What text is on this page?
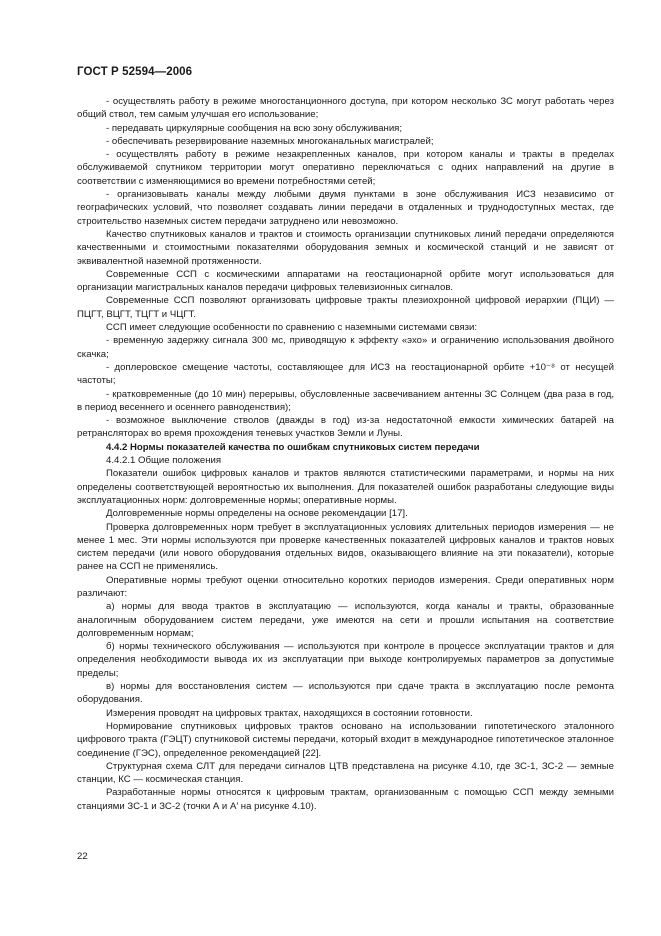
ГОСТ Р 52594—2006

- осуществлять работу в режиме многостанционного доступа, при котором несколько ЗС могут работать через общий ствол, тем самым улучшая его использование;

- передавать циркулярные сообщения на всю зону обслуживания;

- обеспечивать резервирование наземных многоканальных магистралей;

- осуществлять работу в режиме незакрепленных каналов, при котором каналы и тракты в пределах обслуживаемой спутником территории могут оперативно переключаться с одних направлений на другие в соответствии с изменяющимися во времени потребностями сетей;

- организовывать каналы между любыми двумя пунктами в зоне обслуживания ИСЗ независимо от географических условий, что позволяет создавать линии передачи в отдаленных и труднодоступных местах, где строительство наземных систем передачи затруднено или невозможно.

Качество спутниковых каналов и трактов и стоимость организации спутниковых линий передачи определяются качественными и стоимостными показателями оборудования земных и космической станций и не зависят от эквивалентной наземной протяженности.

Современные ССП с космическими аппаратами на геостационарной орбите могут использоваться для организации магистральных каналов передачи цифровых телевизионных сигналов.

Современные ССП позволяют организовать цифровые тракты плезиохронной цифровой иерархии (ПЦИ) — ПЦГТ, ВЦГТ, ТЦГТ и ЧЦГТ.

ССП имеет следующие особенности по сравнению с наземными системами связи:

- временную задержку сигнала 300 мс, приводящую к эффекту «эхо» и ограничению использования двойного скачка;

- доплеровское смещение частоты, составляющее для ИСЗ на геостационарной орбите +10⁻⁸ от несущей частоты;

- кратковременные (до 10 мин) перерывы, обусловленные засвечиванием антенны ЗС Солнцем (два раза в год, в период весеннего и осеннего равноденствия);

- возможное выключение стволов (дважды в год) из-за недостаточной емкости химических батарей на ретрансляторах во время прохождения теневых участков Земли и Луны.

4.4.2 Нормы показателей качества по ошибкам спутниковых систем передачи

4.4.2.1 Общие положения

Показатели ошибок цифровых каналов и трактов являются статистическими параметрами, и нормы на них определены соответствующей вероятностью их выполнения. Для показателей ошибок разработаны следующие виды эксплуатационных норм: долговременные нормы; оперативные нормы.

Долговременные нормы определены на основе рекомендации [17].

Проверка долговременных норм требует в эксплуатационных условиях длительных периодов измерения — не менее 1 мес. Эти нормы используются при проверке качественных показателей цифровых каналов и трактов новых систем передачи (или нового оборудования отдельных видов, оказывающего влияние на эти показатели), которые ранее на ССП не применялись.

Оперативные нормы требуют оценки относительно коротких периодов измерения. Среди оперативных норм различают:

а) нормы для ввода трактов в эксплуатацию — используются, когда каналы и тракты, образованные аналогичным оборудованием систем передачи, уже имеются на сети и прошли испытания на соответствие долговременным нормам;

б) нормы технического обслуживания — используются при контроле в процессе эксплуатации трактов и для определения необходимости вывода их из эксплуатации при выходе контролируемых параметров за допустимые пределы;

в) нормы для восстановления систем — используются при сдаче тракта в эксплуатацию после ремонта оборудования.

Измерения проводят на цифровых трактах, находящихся в состоянии готовности.

Нормирование спутниковых цифровых трактов основано на использовании гипотетического эталонного цифрового тракта (ГЭЦТ) спутниковой системы передачи, который входит в международное гипотетическое эталонное соединение (ГЭС), определенное рекомендацией [22].

Структурная схема СЛТ для передачи сигналов ЦТВ представлена на рисунке 4.10, где ЗС-1, ЗС-2 — земные станции, КС — космическая станция.

Разработанные нормы относятся к цифровым трактам, организованным с помощью ССП между земными станциями ЗС-1 и ЗС-2 (точки А и А′ на рисунке 4.10).

22
